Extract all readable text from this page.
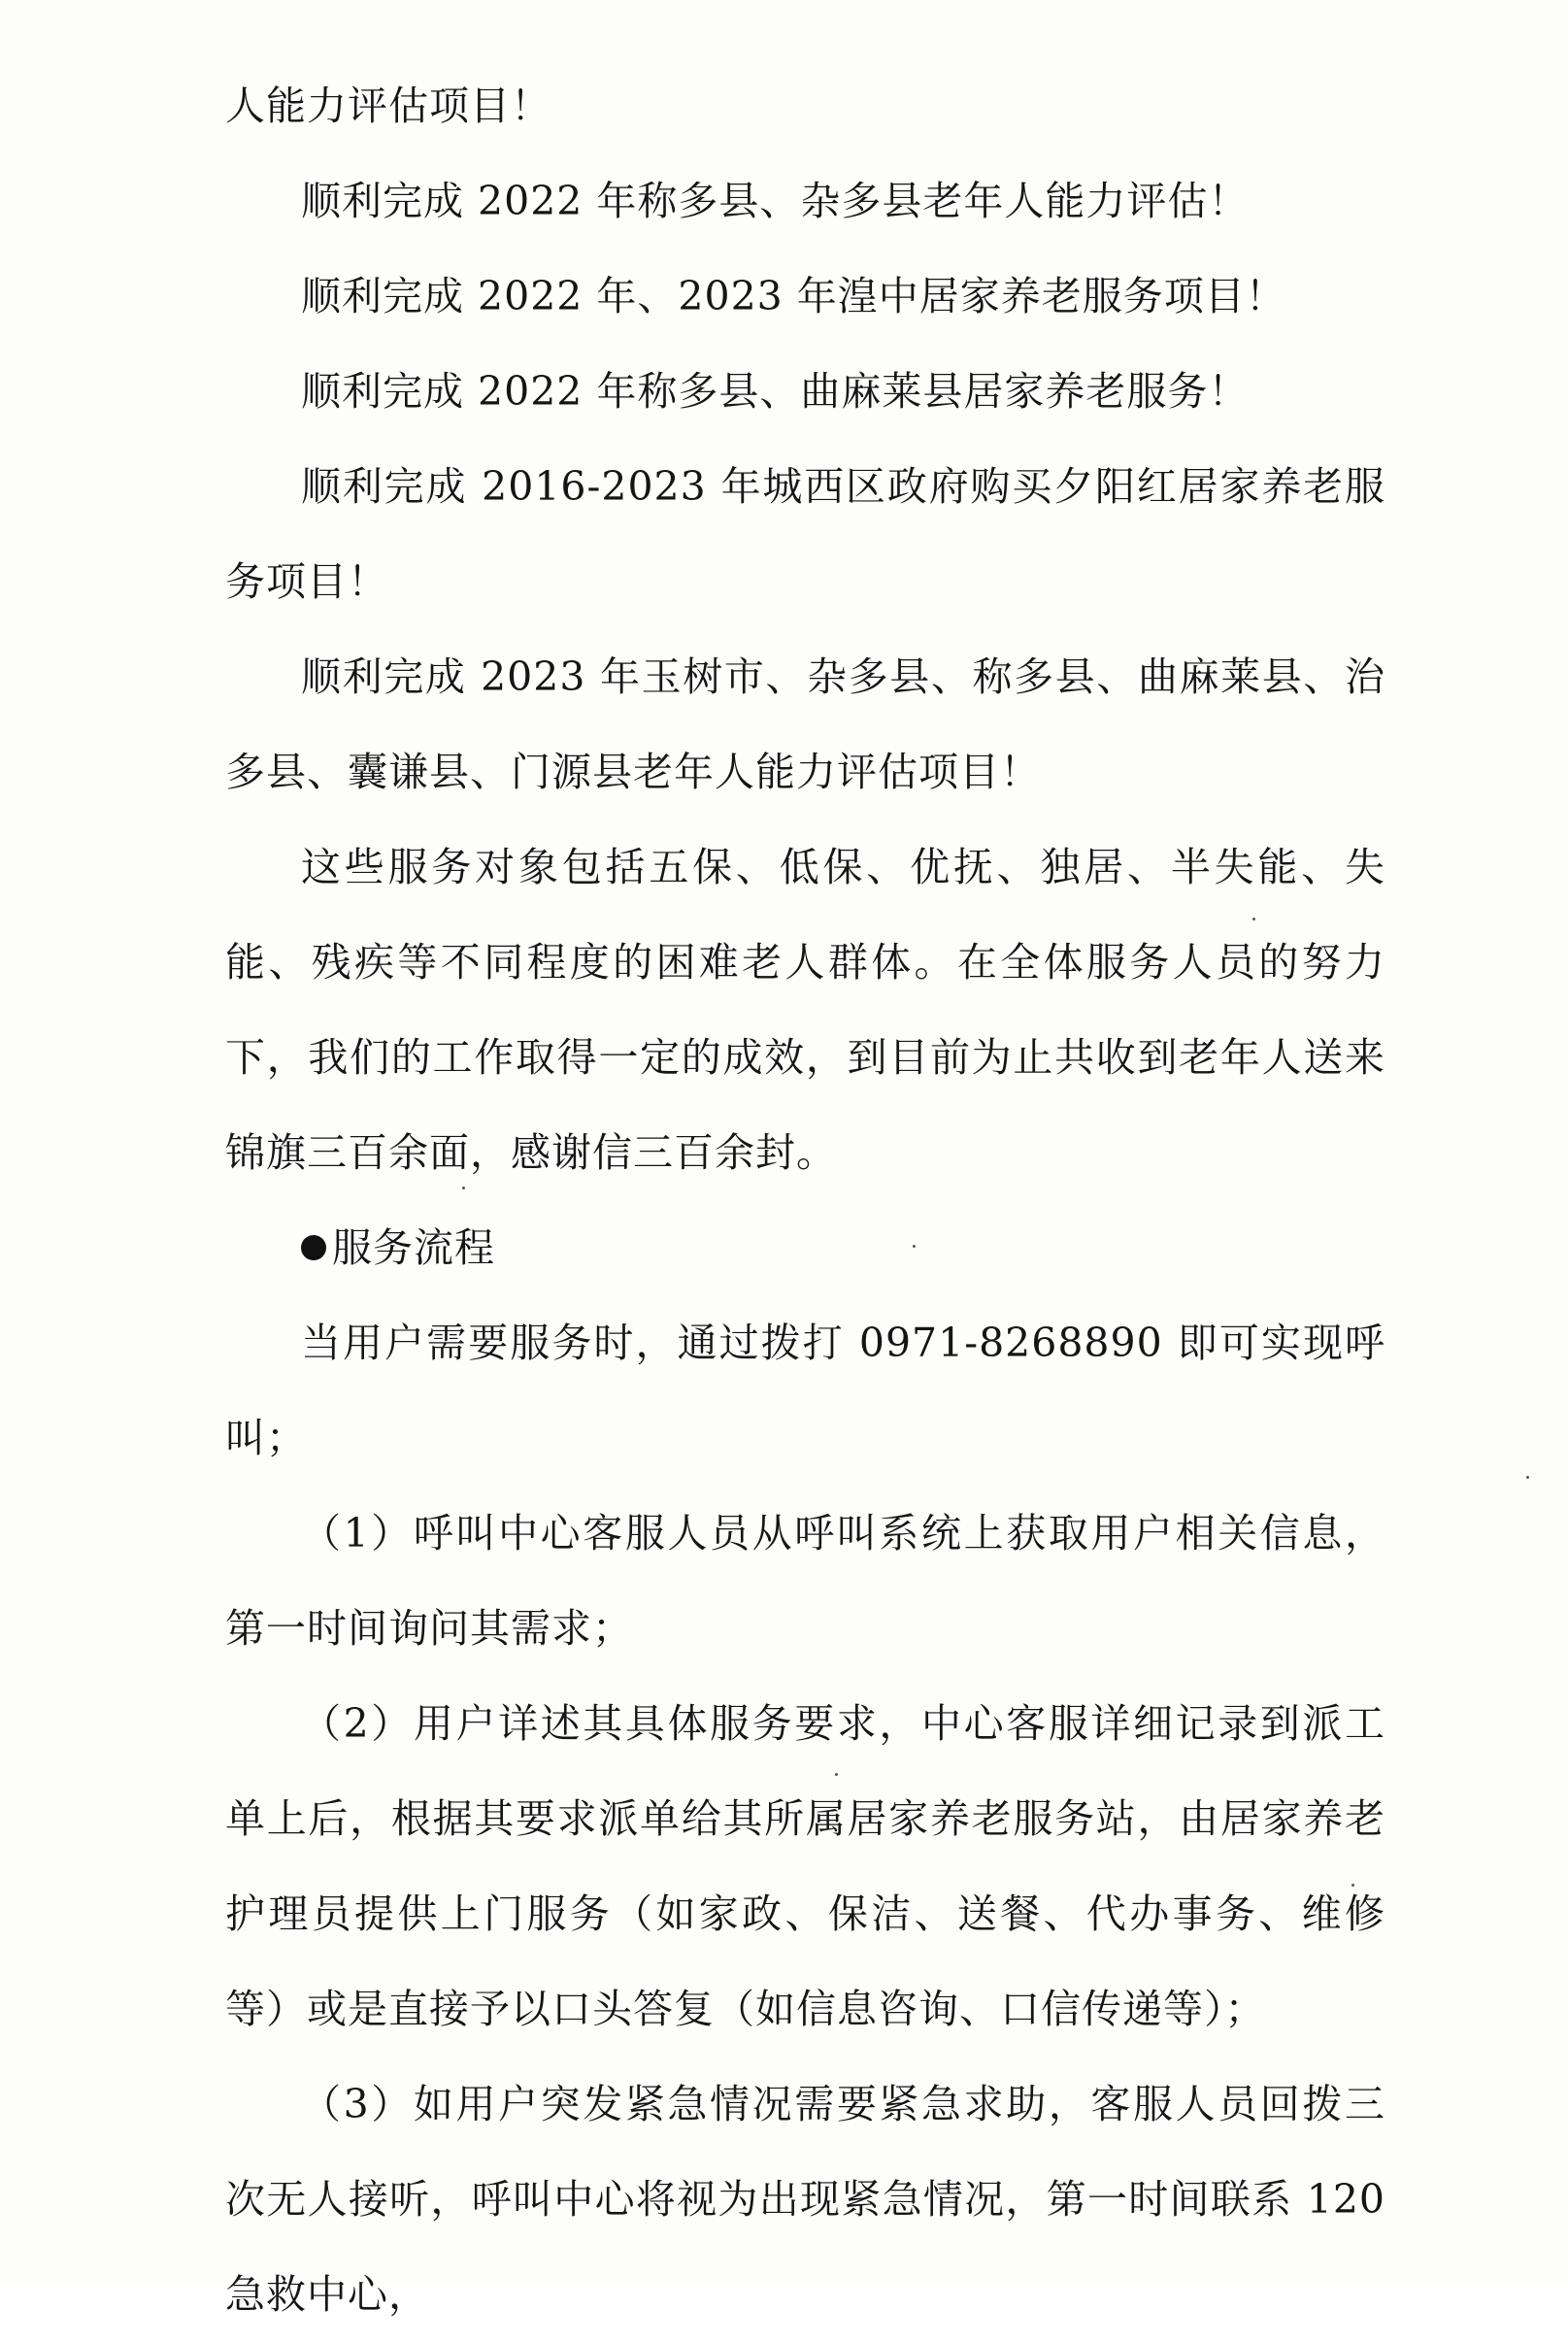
人能力评估项目！

顺利完成 2022 年称多县、杂多县老年人能力评估！

顺利完成 2022 年、2023 年湟中居家养老服务项目！

顺利完成 2022 年称多县、曲麻莱县居家养老服务！

顺利完成 2016-2023 年城西区政府购买夕阳红居家养老服务项目！

顺利完成 2023 年玉树市、杂多县、称多县、曲麻莱县、治多县、囊谦县、门源县老年人能力评估项目！

这些服务对象包括五保、低保、优抚、独居、半失能、失能、残疾等不同程度的困难老人群体。在全体服务人员的努力下，我们的工作取得一定的成效，到目前为止共收到老年人送来锦旗三百余面，感谢信三百余封。

服务流程

当用户需要服务时，通过拨打 0971-8268890 即可实现呼叫；

（1）呼叫中心客服人员从呼叫系统上获取用户相关信息，第一时间询问其需求；

（2）用户详述其具体服务要求，中心客服详细记录到派工单上后，根据其要求派单给其所属居家养老服务站，由居家养老护理员提供上门服务（如家政、保洁、送餐、代办事务、维修等）或是直接予以口头答复（如信息咨询、口信传递等）；

（3）如用户突发紧急情况需要紧急求助，客服人员回拨三次无人接听，呼叫中心将视为出现紧急情况，第一时间联系 120 急救中心，
